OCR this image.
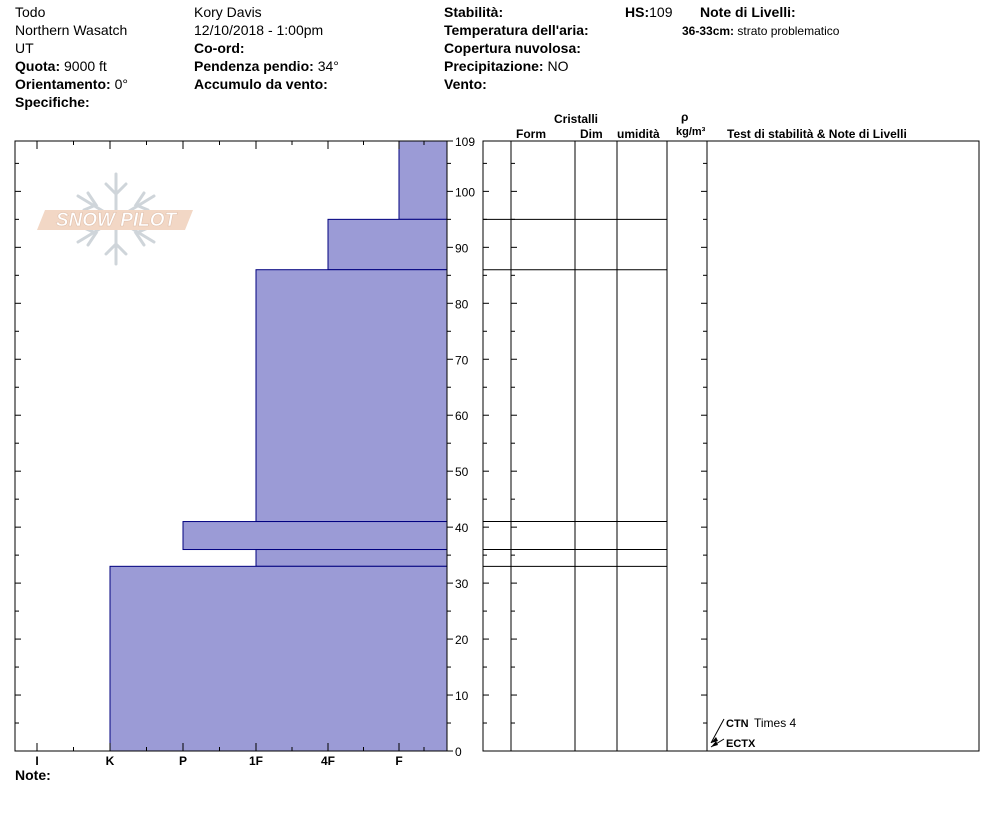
Todo
Northern Wasatch
UT
Quota: 9000 ft
Orientamento: 0°
Specifiche:
Kory Davis
12/10/2018 - 1:00pm
Co-ord:
Pendenza pendio: 34°
Accumulo da vento:
Stabilità:
Temperatura dell'aria:
Copertura nuvolosa:
Precipitazione: NO
Vento:
HS:109 Note di Livelli:
36-33cm: strato problematico
Cristalli
Form	Dim umidità
ρ
kg/m³ Test di stabilità & Note di Livelli
Note:
SNOW PILOT
0
10
20
30
40
50
60
70
80
90
100
109
I	K	P	1F	4F	F
CTN Times 4
ECTX
